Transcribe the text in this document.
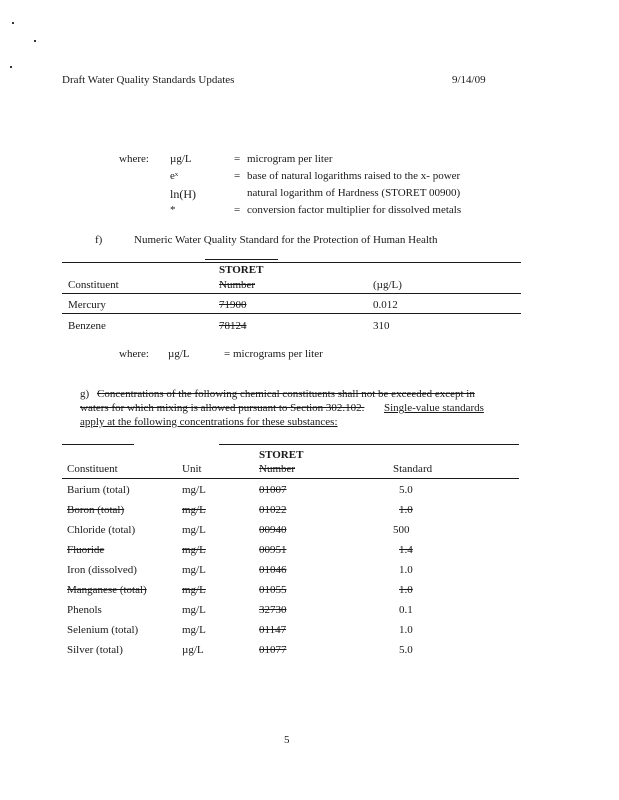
Draft Water Quality Standards Updates	9/14/09
where: µg/L	= microgram per liter
eˣ	= base of natural logarithms raised to the x- power
ln(H)	natural logarithm of Hardness (STORET 00900)
*	= conversion factor multiplier for dissolved metals
f)	Numeric Water Quality Standard for the Protection of Human Health
STORET
Constituent	Number	(µg/L)
Mercury	71900	0.012
Benzene	78124	310
where: µg/L	= micrograms per liter
g) Concentrations of the following chemical constituents shall not be exceeded except in
waters for which mixing is allowed pursuant to Section 302.102. Single-value standards
apply at the following concentrations for these substances:
STORET
Constituent	Unit	Number	Standard
Barium (total)	mg/L	01007	5.0
Boron (total)	mg/L	01022	1.0
Chloride (total)	mg/L	00940	500
Fluoride	mg/L	00951	1.4
Iron (dissolved)	mg/L	01046	1.0
Manganese (total)	mg/L	01055	1.0
Phenols	mg/L	32730	0.1
Selenium (total)	mg/L	01147	1.0
Silver (total)	µg/L	01077	5.0
5
